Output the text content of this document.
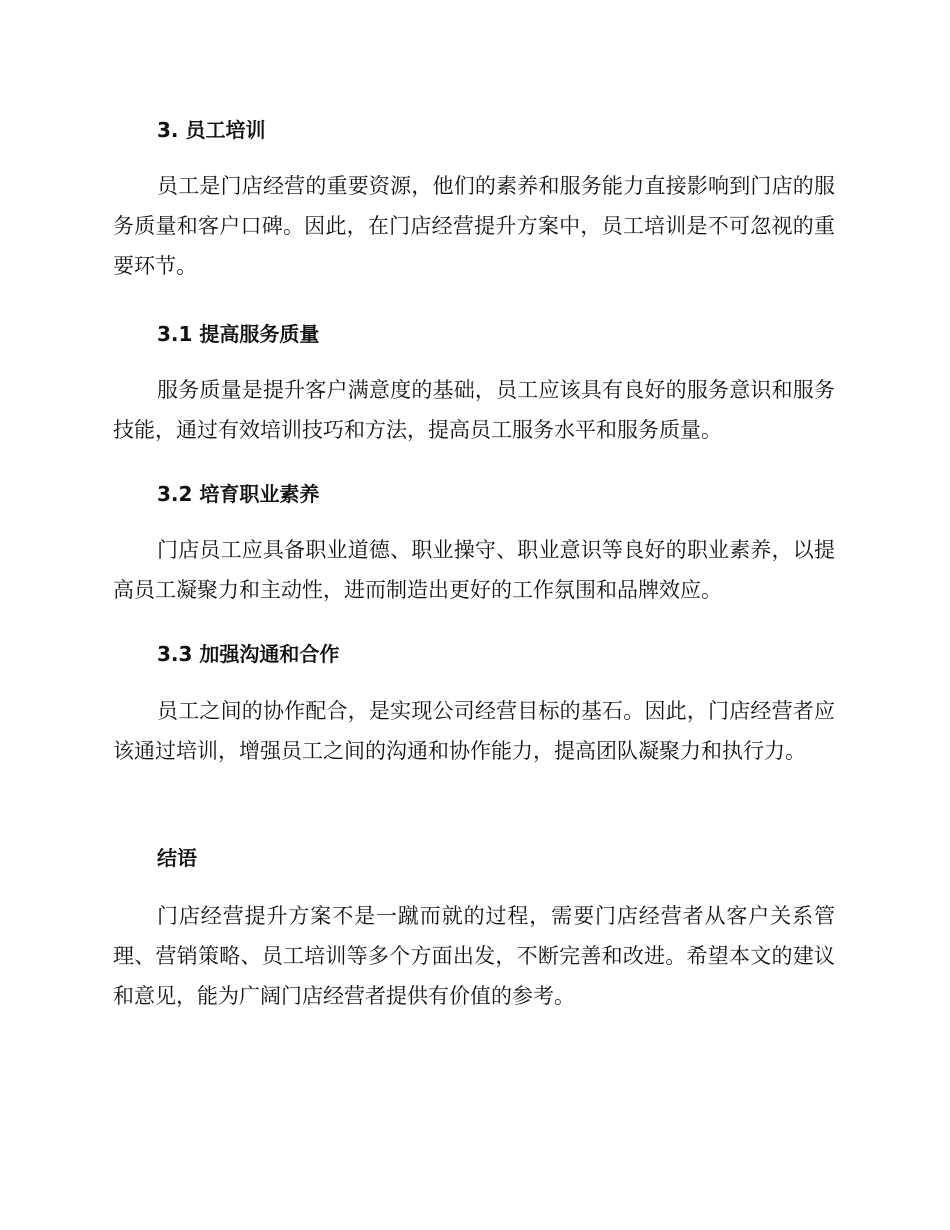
3. 员工培训

员工是门店经营的重要资源，他们的素养和服务能力直接影响到门店的服务质量和客户口碑。因此，在门店经营提升方案中，员工培训是不可忽视的重要环节。

3.1 提高服务质量

服务质量是提升客户满意度的基础，员工应该具有良好的服务意识和服务技能，通过有效培训技巧和方法，提高员工服务水平和服务质量。

3.2 培育职业素养

门店员工应具备职业道德、职业操守、职业意识等良好的职业素养，以提高员工凝聚力和主动性，进而制造出更好的工作氛围和品牌效应。

3.3 加强沟通和合作

员工之间的协作配合，是实现公司经营目标的基石。因此，门店经营者应该通过培训，增强员工之间的沟通和协作能力，提高团队凝聚力和执行力。

结语

门店经营提升方案不是一蹴而就的过程，需要门店经营者从客户关系管理、营销策略、员工培训等多个方面出发，不断完善和改进。希望本文的建议和意见，能为广阔门店经营者提供有价值的参考。
